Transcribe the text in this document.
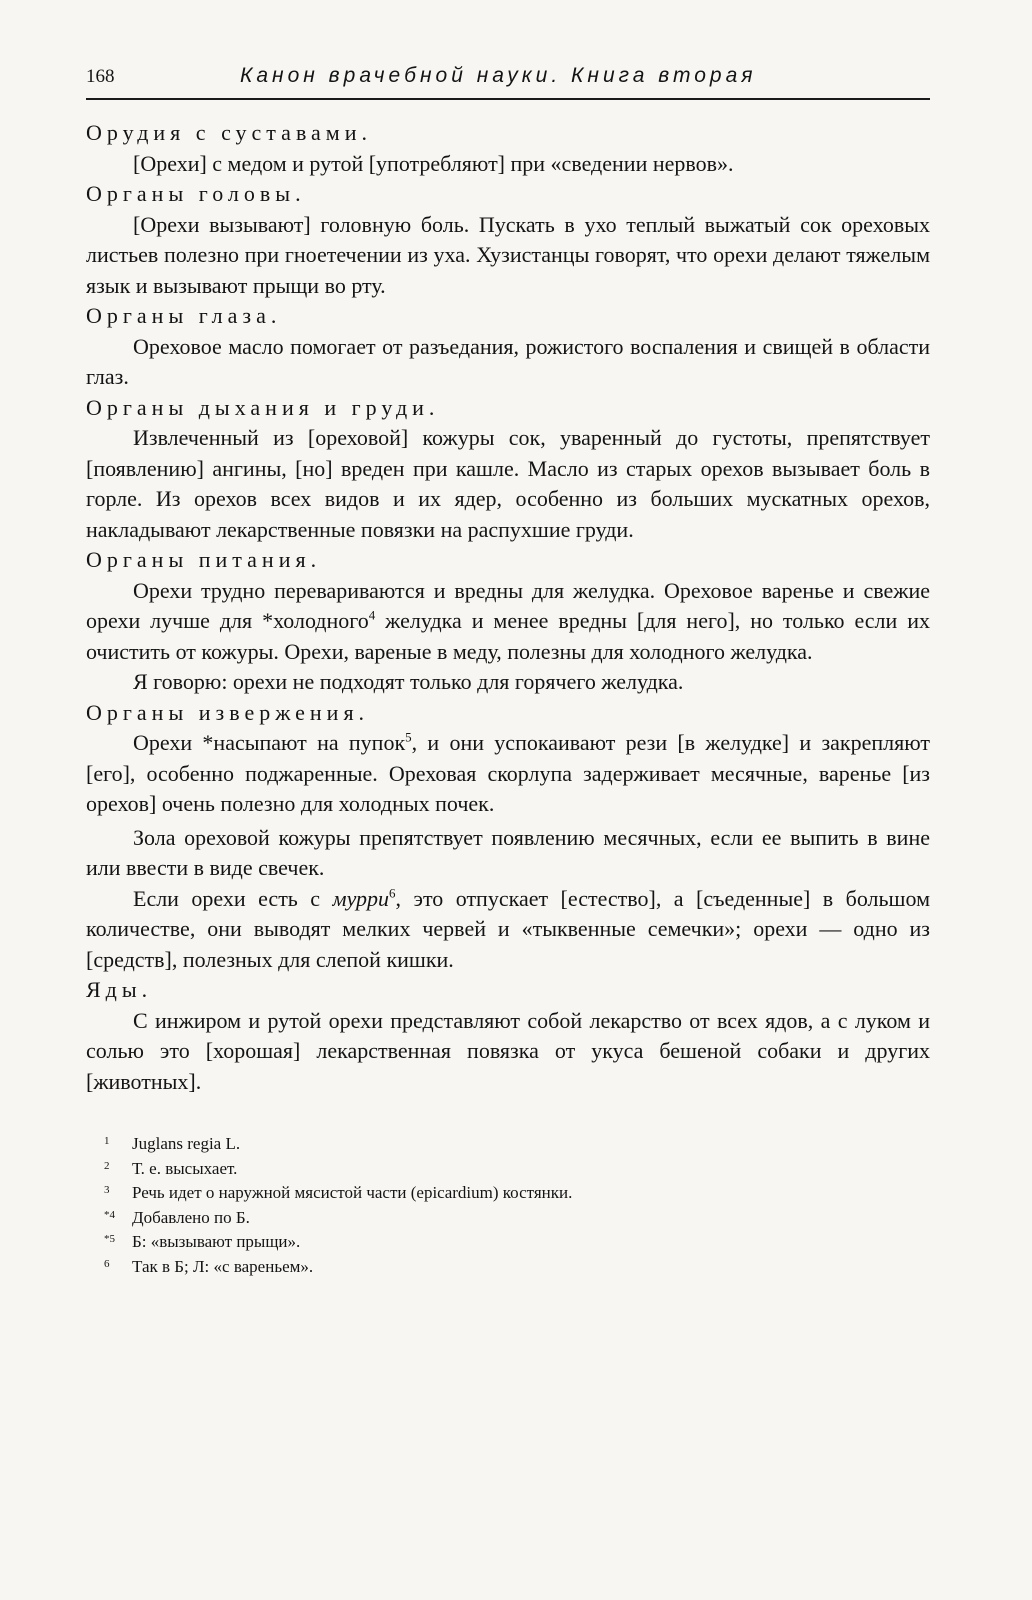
168	Канон врачебной науки. Книга вторая

Орудия с суставами.

[Орехи] с медом и рутой [употребляют] при «сведении нервов».

Органы головы.

[Орехи вызывают] головную боль. Пускать в ухо теплый выжатый сок ореховых листьев полезно при гноетечении из уха. Хузистанцы говорят, что орехи делают тяжелым язык и вызывают прыщи во рту.

Органы глаза.

Ореховое масло помогает от разъедания, рожистого воспаления и свищей в области глаз.

Органы дыхания и груди.

Извлеченный из [ореховой] кожуры сок, уваренный до густоты, препятствует [появлению] ангины, [но] вреден при кашле. Масло из старых орехов вызывает боль в горле. Из орехов всех видов и их ядер, особенно из больших мускатных орехов, накладывают лекарственные повязки на распухшие груди.

Органы питания.

Орехи трудно перевариваются и вредны для желудка. Ореховое варенье и свежие орехи лучше для *холодного$^4$ желудка и менее вредны [для него], но только если их очистить от кожуры. Орехи, вареные в меду, полезны для холодного желудка.

Я говорю: орехи не подходят только для горячего желудка.

Органы извержения.

Орехи *насыпают на пупок$^5$, и они успокаивают рези [в желудке] и закрепляют [его], особенно поджаренные. Ореховая скорлупа задерживает месячные, варенье [из орехов] очень полезно для холодных почек.

Зола ореховой кожуры препятствует появлению месячных, если ее выпить в вине или ввести в виде свечек.

Если орехи есть с мурри$^6$, это отпускает [естество], а [съеденные] в большом количестве, они выводят мелких червей и «тыквенные семечки»; орехи — одно из [средств], полезных для слепой кишки.

Яды.

С инжиром и рутой орехи представляют собой лекарство от всех ядов, а с луком и солью это [хорошая] лекарственная повязка от укуса бешеной собаки и других [животных].

1	Juglans regia L.
2	Т. е. высыхает.
3	Речь идет о наружной мясистой части (epicardium) костянки.
*4	Добавлено по Б.
*5	Б: «вызывают прыщи».
6	Так в Б; Л: «с вареньем».
